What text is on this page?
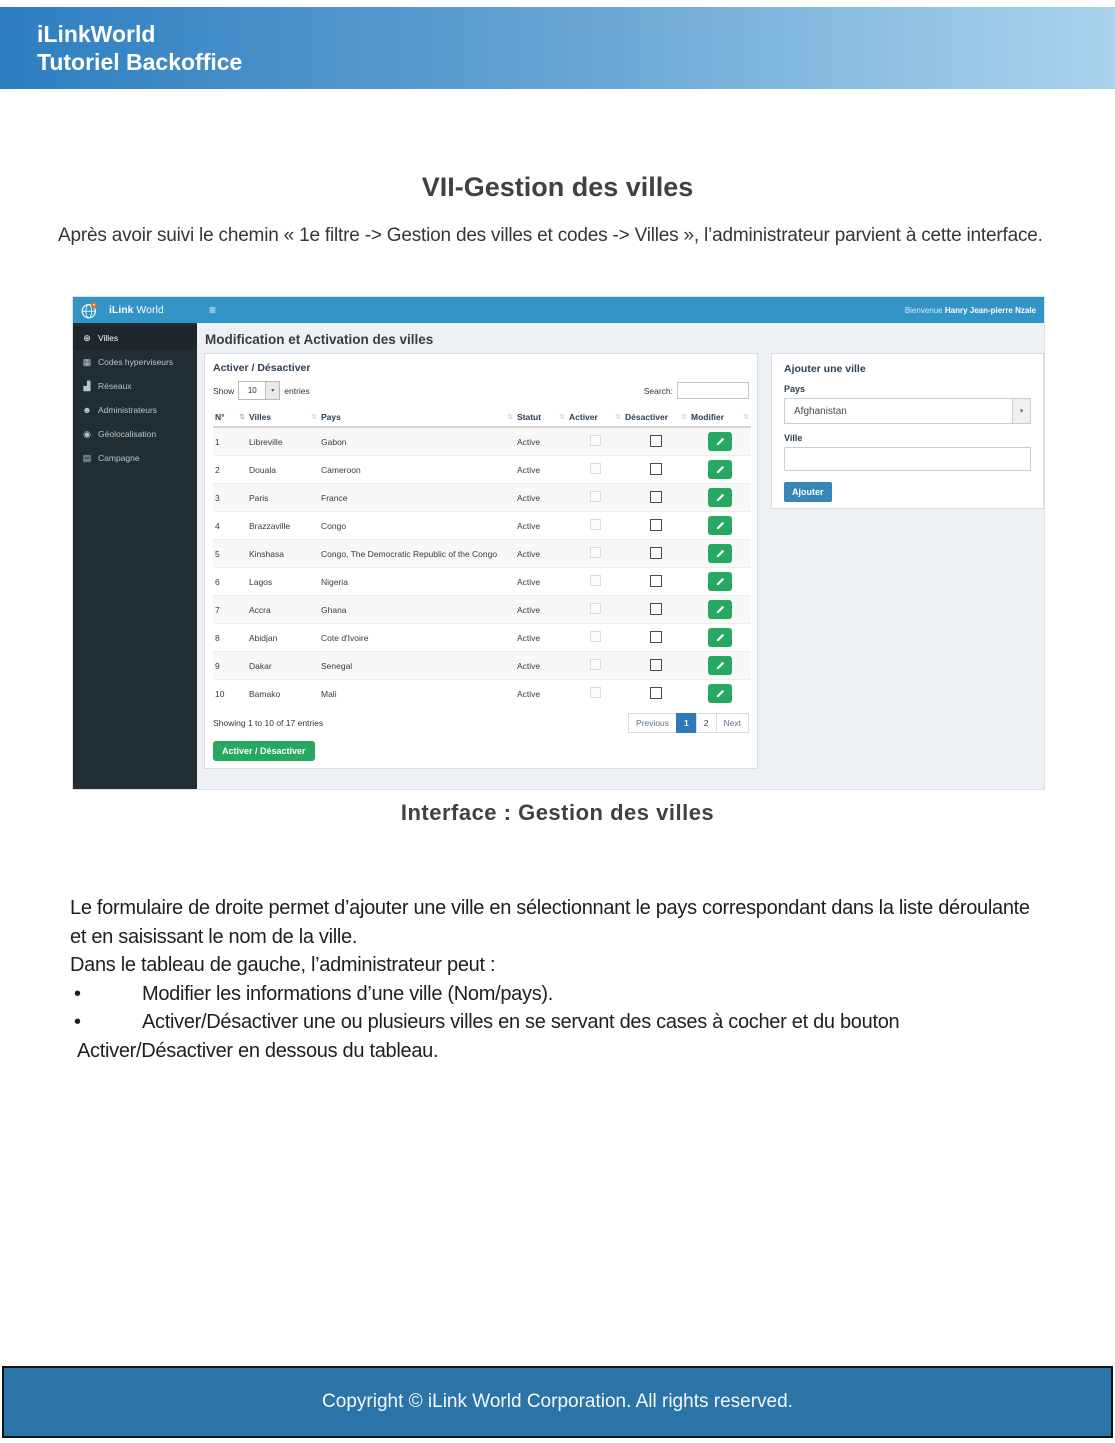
iLinkWorld
Tutoriel Backoffice
VII-Gestion des villes
Après avoir suivi le chemin « 1e filtre -> Gestion des villes et codes -> Villes », l’administrateur parvient à cette interface.
iLink World	≡	Bienvenue Hanry Jean-pierre Nzale
⊕ Villes
▦ Codes hyperviseurs
▟ Réseaux
☻ Administrateurs
◉ Géolocalisation
▤ Campagne
Modification et Activation des villes
Activer / Désactiver
Show	10	▾	entries	Search:
N° ⇅	Villes ⇅	Pays ⇅	Statut ⇅	Activer ⇅	Désactiver ⇅	Modifier ⇅

1	Libreville	Gabon	Active			

2	Douala	Cameroon	Active			

3	Paris	France	Active			

4	Brazzaville	Congo	Active			

5	Kinshasa	Congo, The Democratic Republic of the Congo	Active			

6	Lagos	Nigeria	Active			

7	Accra	Ghana	Active			

8	Abidjan	Cote d'Ivoire	Active			

9	Dakar	Senegal	Active			

10	Bamako	Mali	Active			
Showing 1 to 10 of 17 entries	Previous	1	2	Next
Activer / Désactiver
Ajouter une ville
Pays
Afghanistan	▾
Ville
Ajouter
Interface : Gestion des villes
Le formulaire de droite permet d’ajouter une ville en sélectionnant le pays correspondant dans la liste déroulante et en saisissant le nom de la ville.
Dans le tableau de gauche, l’administrateur peut :
•	Modifier les informations d’une ville (Nom/pays).
•	Activer/Désactiver une ou plusieurs villes en se servant des cases à cocher et du bouton
Activer/Désactiver en dessous du tableau.
Copyright © iLink World Corporation. All rights reserved.
